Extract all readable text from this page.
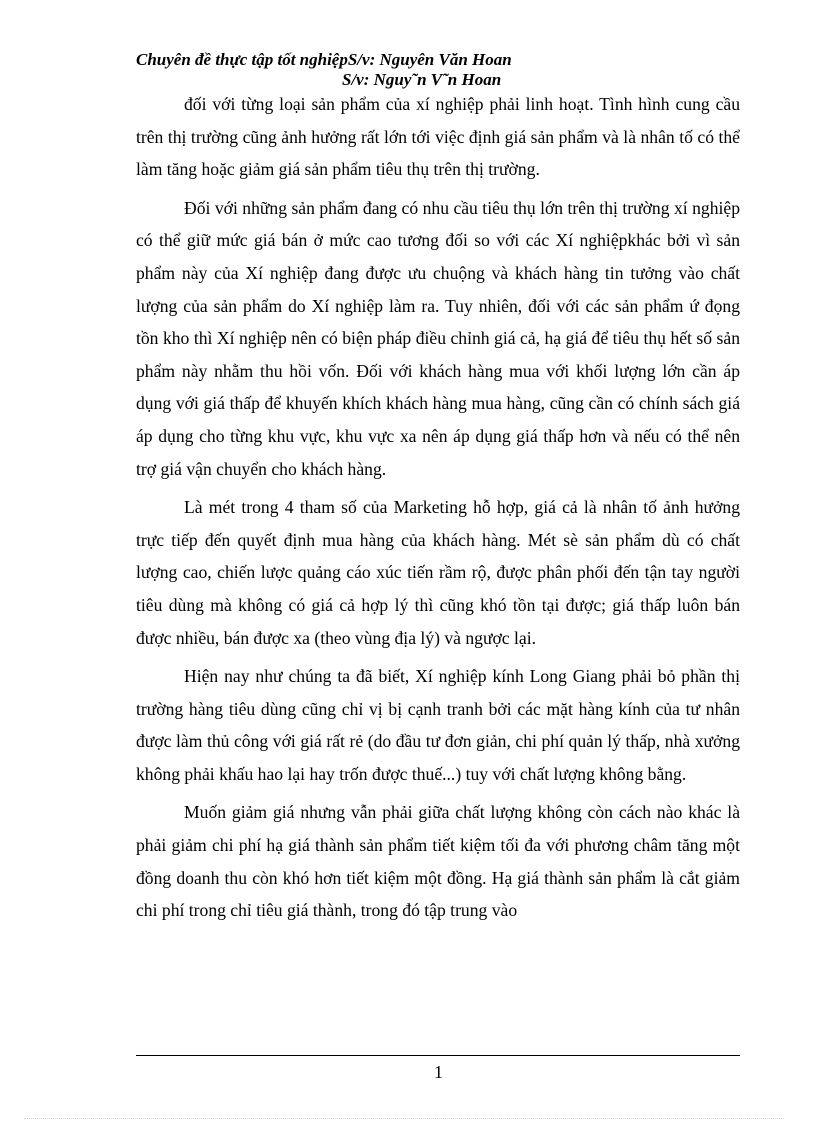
Chuyên đề thực tập tốt nghiệpS/v: Nguyên Văn Hoan
S/v: Nguy˜n V˜n Hoan

đối với từng loại sản phẩm của xí nghiệp phải linh hoạt. Tình hình cung cầu trên thị trường cũng ảnh hưởng rất lớn tới việc định giá sản phẩm và là nhân tố có thể làm tăng hoặc giảm giá sản phẩm tiêu thụ trên thị trường.

Đối với những sản phẩm đang có nhu cầu tiêu thụ lớn trên thị trường xí nghiệp có thể giữ mức giá bán ở mức cao tương đối so với các Xí nghiệpkhác bởi vì sản phẩm này của Xí nghiệp đang được ưu chuộng và khách hàng tin tưởng vào chất lượng của sản phẩm do Xí nghiệp làm ra. Tuy nhiên, đối với các sản phẩm ứ đọng tồn kho thì Xí nghiệp nên có biện pháp điều chỉnh giá cả, hạ giá để tiêu thụ hết số sản phẩm này nhằm thu hồi vốn. Đối với khách hàng mua với khối lượng lớn cần áp dụng với giá thấp để khuyến khích khách hàng mua hàng, cũng cần có chính sách giá áp dụng cho từng khu vực, khu vực xa nên áp dụng giá thấp hơn và nếu có thể nên trợ giá vận chuyển cho khách hàng.

Là mét trong 4 tham số của Marketing hỗ hợp, giá cả là nhân tố ảnh hưởng trực tiếp đến quyết định mua hàng của khách hàng. Mét sè sản phẩm dù có chất lượng cao, chiến lược quảng cáo xúc tiến rầm rộ, được phân phối đến tận tay người tiêu dùng mà không có giá cả hợp lý thì cũng khó tồn tại được; giá thấp luôn bán được nhiều, bán được xa (theo vùng địa lý) và ngược lại.

Hiện nay như chúng ta đã biết, Xí nghiệp kính Long Giang phải bỏ phần thị trường hàng tiêu dùng cũng chỉ vị bị cạnh tranh bởi các mặt hàng kính của tư nhân được làm thủ công với giá rất rẻ (do đầu tư đơn giản, chi phí quản lý thấp, nhà xưởng không phải khấu hao lại hay trốn được thuế...) tuy với chất lượng không bằng.

Muốn giảm giá nhưng vẫn phải giữa chất lượng không còn cách nào khác là phải giảm chi phí hạ giá thành sản phẩm tiết kiệm tối đa với phương châm tăng một đồng doanh thu còn khó hơn tiết kiệm một đồng. Hạ giá thành sản phẩm là cắt giảm chi phí trong chỉ tiêu giá thành, trong đó tập trung vào

1
